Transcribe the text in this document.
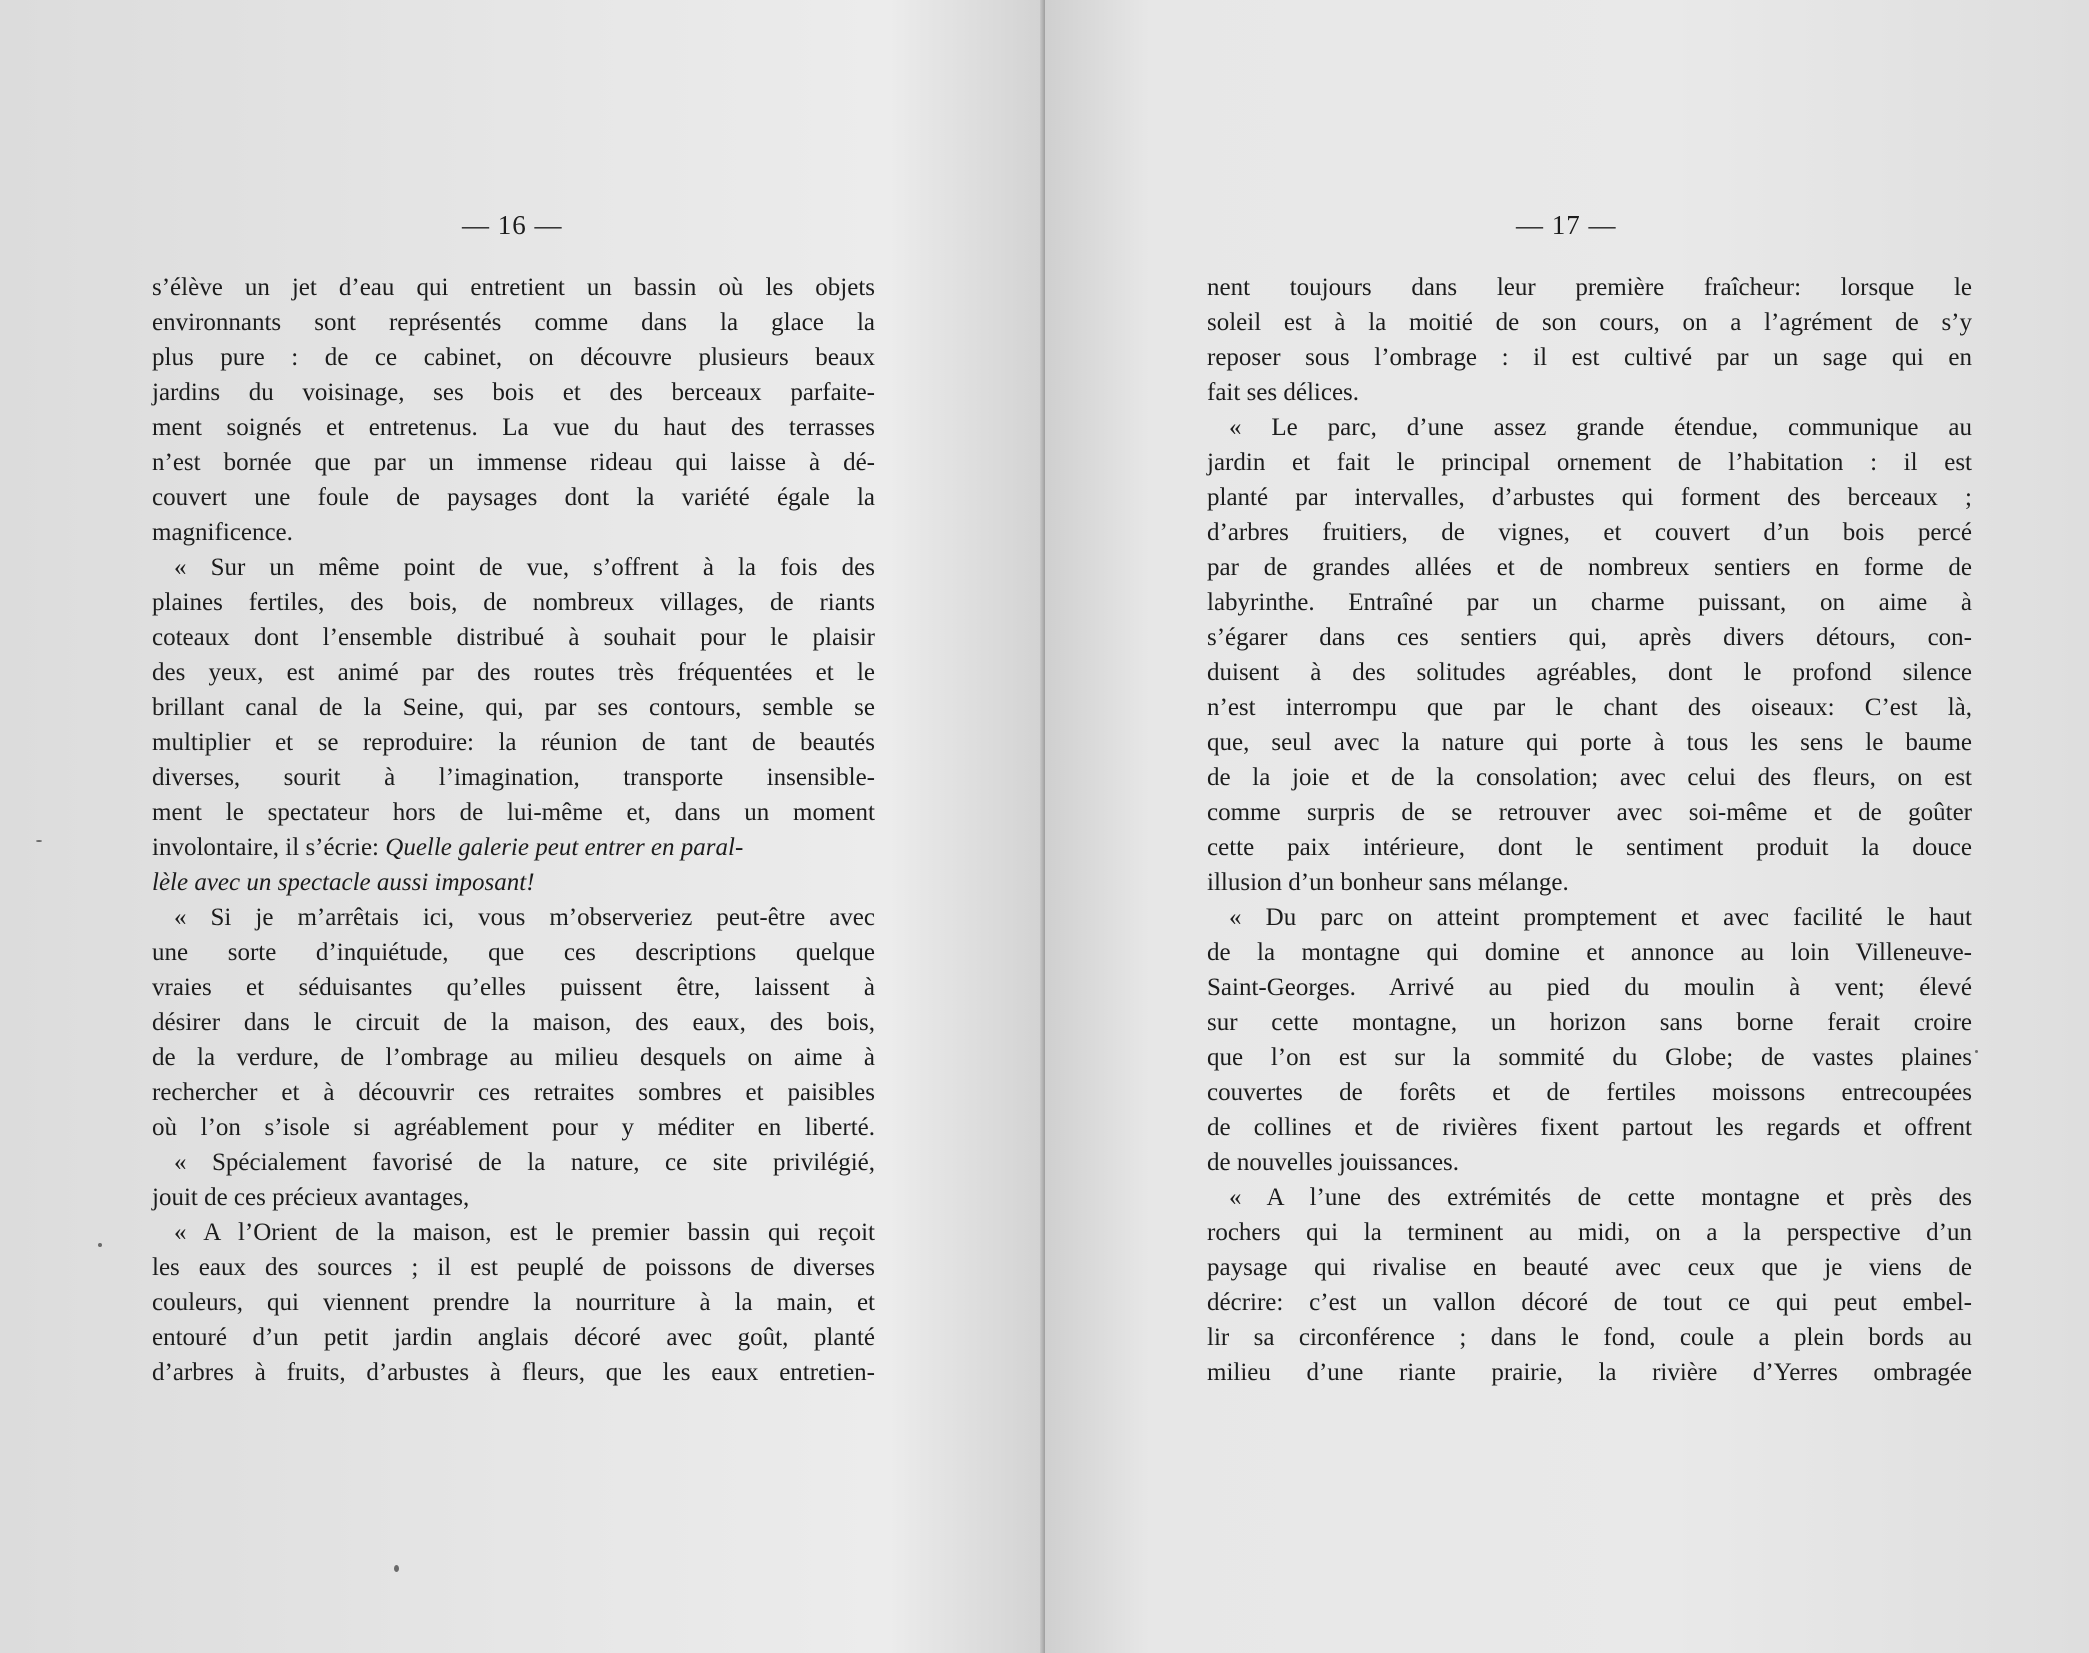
— 16 —
s’élève un jet d’eau qui entretient un bassin où les objets
environnants sont représentés comme dans la glace la
plus pure : de ce cabinet, on découvre plusieurs beaux
jardins du voisinage, ses bois et des berceaux parfaite-
ment soignés et entretenus. La vue du haut des terrasses
n’est bornée que par un immense rideau qui laisse à dé-
couvert une foule de paysages dont la variété égale la
magnificence.
« Sur un même point de vue, s’offrent à la fois des
plaines fertiles, des bois, de nombreux villages, de riants
coteaux dont l’ensemble distribué à souhait pour le plaisir
des yeux, est animé par des routes très fréquentées et le
brillant canal de la Seine, qui, par ses contours, semble se
multiplier et se reproduire: la réunion de tant de beautés
diverses, sourit à l’imagination, transporte insensible-
ment le spectateur hors de lui-même et, dans un moment
involontaire, il s’écrie: Quelle galerie peut entrer en paral-
lèle avec un spectacle aussi imposant!
« Si je m’arrêtais ici, vous m’observeriez peut-être avec
une sorte d’inquiétude, que ces descriptions quelque
vraies et séduisantes qu’elles puissent être, laissent à
désirer dans le circuit de la maison, des eaux, des bois,
de la verdure, de l’ombrage au milieu desquels on aime à
rechercher et à découvrir ces retraites sombres et paisibles
où l’on s’isole si agréablement pour y méditer en liberté.
« Spécialement favorisé de la nature, ce site privilégié,
jouit de ces précieux avantages,
« A l’Orient de la maison, est le premier bassin qui reçoit
les eaux des sources ; il est peuplé de poissons de diverses
couleurs, qui viennent prendre la nourriture à la main, et
entouré d’un petit jardin anglais décoré avec goût, planté
d’arbres à fruits, d’arbustes à fleurs, que les eaux entretien-
— 17 —
nent toujours dans leur première fraîcheur: lorsque le
soleil est à la moitié de son cours, on a l’agrément de s’y
reposer sous l’ombrage : il est cultivé par un sage qui en
fait ses délices.
« Le parc, d’une assez grande étendue, communique au
jardin et fait le principal ornement de l’habitation : il est
planté par intervalles, d’arbustes qui forment des berceaux ;
d’arbres fruitiers, de vignes, et couvert d’un bois percé
par de grandes allées et de nombreux sentiers en forme de
labyrinthe. Entraîné par un charme puissant, on aime à
s’égarer dans ces sentiers qui, après divers détours, con-
duisent à des solitudes agréables, dont le profond silence
n’est interrompu que par le chant des oiseaux: C’est là,
que, seul avec la nature qui porte à tous les sens le baume
de la joie et de la consolation; avec celui des fleurs, on est
comme surpris de se retrouver avec soi-même et de goûter
cette paix intérieure, dont le sentiment produit la douce
illusion d’un bonheur sans mélange.
« Du parc on atteint promptement et avec facilité le haut
de la montagne qui domine et annonce au loin Villeneuve-
Saint-Georges. Arrivé au pied du moulin à vent; élevé
sur cette montagne, un horizon sans borne ferait croire
que l’on est sur la sommité du Globe; de vastes plaines
couvertes de forêts et de fertiles moissons entrecoupées
de collines et de rivières fixent partout les regards et offrent
de nouvelles jouissances.
« A l’une des extrémités de cette montagne et près des
rochers qui la terminent au midi, on a la perspective d’un
paysage qui rivalise en beauté avec ceux que je viens de
décrire: c’est un vallon décoré de tout ce qui peut embel-
lir sa circonférence ; dans le fond, coule a plein bords au
milieu d’une riante prairie, la rivière d’Yerres ombragée
